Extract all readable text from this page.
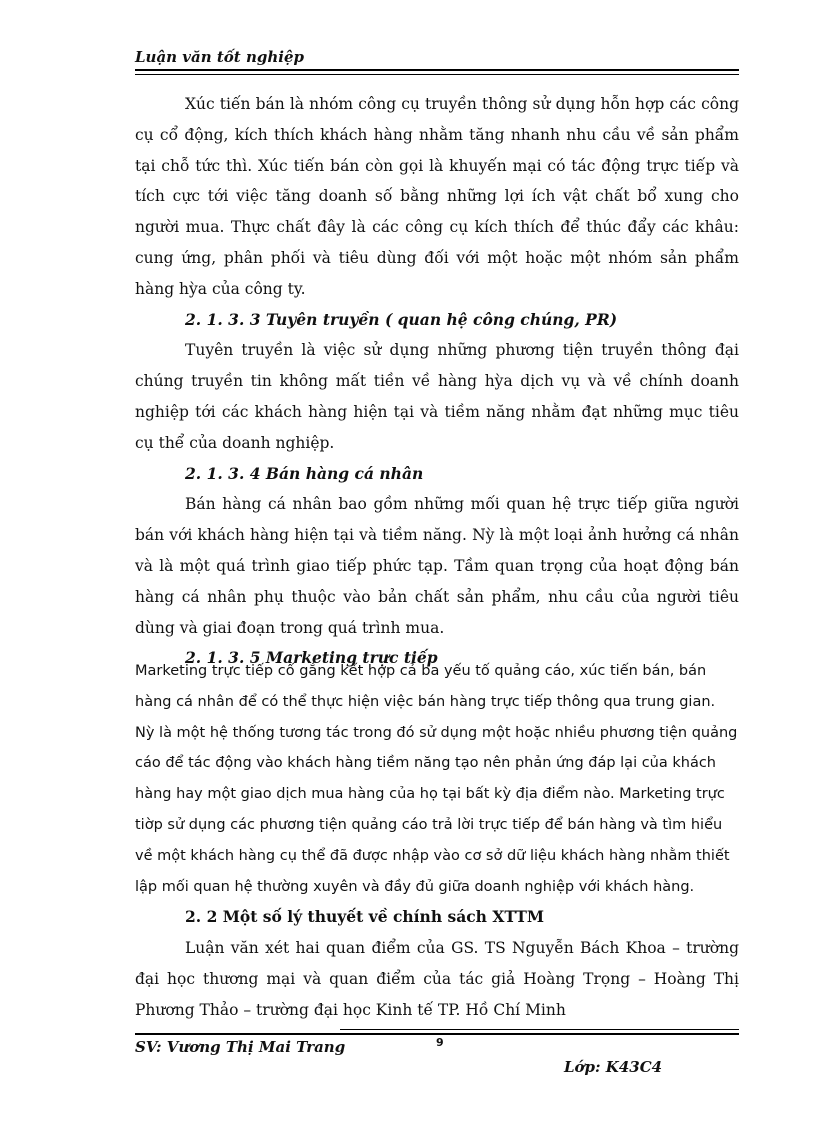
Luận văn tốt nghiệp

Xúc tiến bán là nhóm công cụ truyền thông sử dụng hỗn hợp các công cụ cổ động, kích thích khách hàng nhằm tăng nhanh nhu cầu về sản phẩm tại chỗ tức thì. Xúc tiến bán còn gọi là khuyến mại có tác động trực tiếp và tích cực tới việc tăng doanh số bằng những lợi ích vật chất bổ xung cho người mua. Thực chất đây là các công cụ kích thích để thúc đẩy các khâu: cung ứng, phân phối và tiêu dùng đối với một hoặc một nhóm sản phẩm hàng hỳa của công ty.

2. 1. 3. 3 Tuyên truyền ( quan hệ công chúng, PR)

Tuyên truyền là việc sử dụng những phương tiện truyền thông đại chúng truyền tin không mất tiền về hàng hỳa dịch vụ và về chính doanh nghiệp tới các khách hàng hiện tại và tiềm năng nhằm đạt những mục tiêu cụ thể của doanh nghiệp.

2. 1. 3. 4 Bán hàng cá nhân

Bán hàng cá nhân bao gồm những mối quan hệ trực tiếp giữa người bán với khách hàng hiện tại và tiềm năng. Nỳ là một loại ảnh hưởng cá nhân và là một quá trình giao tiếp phức tạp. Tầm quan trọng của hoạt động bán hàng cá nhân phụ thuộc vào bản chất sản phẩm, nhu cầu của người tiêu dùng và giai đoạn trong quá trình mua.

2. 1. 3. 5 Marketing trực tiếp

Marketing trực tiếp cố gắng kết hợp cả ba yếu tố quảng cáo, xúc tiến bán, bán hàng cá nhân để có thể thực hiện việc bán hàng trực tiếp thông qua trung gian. Nỳ là một hệ thống tương tác trong đó sử dụng một hoặc nhiều phương tiện quảng cáo để tác động vào khách hàng tiềm năng tạo nên phản ứng đáp lại của khách hàng hay một giao dịch mua hàng của họ tại bất kỳ địa điểm nào. Marketing trực tiờp sử dụng các phương tiện quảng cáo trả lời trực tiếp để bán hàng và tìm hiểu về một khách hàng cụ thể đã được nhập vào cơ sở dữ liệu khách hàng nhằm thiết lập mối quan hệ thường xuyên và đầy đủ giữa doanh nghiệp với khách hàng.

2. 2 Một số lý thuyết về chính sách XTTM

Luận văn xét hai quan điểm của GS. TS Nguyễn Bách Khoa – trường đại học thương mại và quan điểm của tác giả Hoàng Trọng – Hoàng Thị Phương Thảo – trường đại học Kinh tế TP. Hồ Chí Minh

SV: Vương Thị Mai Trang	9
Lớp: K43C4
